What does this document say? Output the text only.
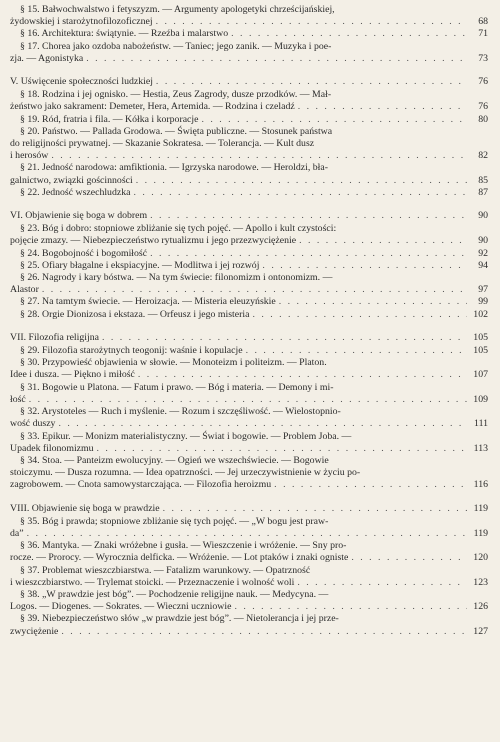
§ 15. Bałwochwalstwo i fetyszyzm. — Argumenty apologetyki chrześcijańskiej,
żydowskiej i starożytnofilozoficznej . . .	68
§ 16. Architektura: świątynie. — Rzeźba i malarstwo . . .	71
§ 17. Chorea jako ozdoba nabożeństw. — Taniec; jego zanik. — Muzyka i poe-
zja. — Agonistyka . . .	73
V. Uświęcenie społeczności ludzkiej . . .	76
§ 18. Rodzina i jej ognisko. — Hestia, Zeus Zagrody, dusze przodków. — Mał-
żeństwo jako sakrament: Demeter, Hera, Artemida. — Rodzina i czeladź . . .	76
§ 19. Ród, fratria i fila. — Kółka i korporacje . . .	80
§ 20. Państwo. — Pallada Grodowa. — Święta publiczne. — Stosunek państwa
do religijności prywatnej. — Skazanie Sokratesa. — Tolerancja. — Kult dusz
i herosów . . .	82
§ 21. Jedność narodowa: amfiktionia. — Igrzyska narodowe. — Heroldzi, bła-
galnictwo, związki gościnności . . .	85
§ 22. Jedność wszechludzka . . .	87
VI. Objawienie się boga w dobrem . . .	90
§ 23. Bóg i dobro: stopniowe zbliżanie się tych pojęć. — Apollo i kult czystości:
pojęcie zmazy. — Niebezpieczeństwo rytualizmu i jego przezwyciężenie . . .	90
§ 24. Bogobojność i bogomiłość . . .	92
§ 25. Ofiary błagalne i ekspiacyjne. — Modlitwa i jej rozwój . . .	94
§ 26. Nagrody i kary bóstwa. — Na tym świecie: filonomizm i ontonomizm. —
Alastor . . .	97
§ 27. Na tamtym świecie. — Heroizacja. — Misteria eleuzyńskie . . .	99
§ 28. Orgie Dionizosa i ekstaza. — Orfeusz i jego misteria . . .	102
VII. Filozofia religijna . . .	105
§ 29. Filozofia starożytnych teogonij: waśnie i kopulacje . . .	105
§ 30. Przypowieść objawienia w słowie. — Monoteizm i politeizm. — Platon.
Idee i dusza. — Piękno i miłość . . .	107
§ 31. Bogowie u Platona. — Fatum i prawo. — Bóg i materia. — Demony i mi-
łość . . .	109
§ 32. Arystoteles — Ruch i myślenie. — Rozum i szczęśliwość. — Wielostopnio-
wość duszy . . .	111
§ 33. Epikur. — Monizm materialistyczny. — Świat i bogowie. — Problem Joba. —
Upadek filonomizmu . . .	113
§ 34. Stoa. — Panteizm ewolucyjny. — Ogień we wszechświecie. — Bogowie
stoiczymu. — Dusza rozumna. — Idea opatrzności. — Jej urzeczywistnienie w życiu po-
zagrobowem. — Cnota samowystarczająca. — Filozofia heroizmu . . .	116
VIII. Objawienie się boga w prawdzie . . .	119
§ 35. Bóg i prawda; stopniowe zbliżanie się tych pojęć. — „W bogu jest praw-
da” . . .	119
§ 36. Mantyka. — Znaki wróżebne i gusła. — Wieszczenie i wróżenie. — Sny pro-
rocze. — Prorocy. — Wyrocznia delficka. — Wróżenie. — Lot ptaków i znaki ogniste . . .	120
§ 37. Problemat wieszczbiarstwa. — Fatalizm warunkowy. — Opatrzność
i wieszczbiarstwo. — Trylemat stoicki. — Przeznaczenie i wolność woli . . .	123
§ 38. „W prawdzie jest bóg”. — Pochodzenie religijne nauk. — Medycyna. —
Logos. — Diogenes. — Sokrates. — Wieczni uczniowie . . .	126
§ 39. Niebezpieczeństwo słów „w prawdzie jest bóg”. — Nietolerancja i jej prze-
zwyciężenie . . .	127
